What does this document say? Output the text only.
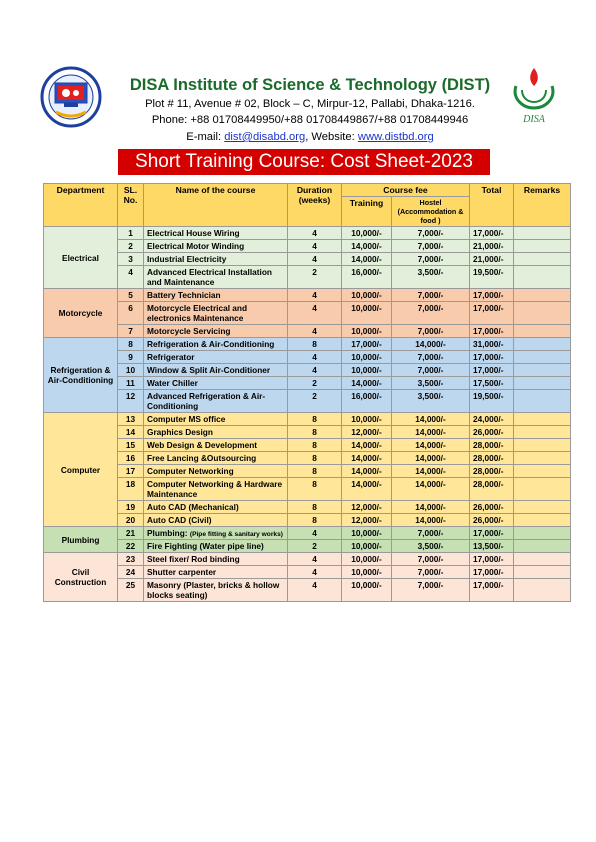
DISA Institute of Science & Technology (DIST)
Plot # 11, Avenue # 02, Block – C, Mirpur-12, Pallabi, Dhaka-1216.
Phone: +88 01708449950/+88 01708449867/+88 01708449946
E-mail: dist@disabd.org, Website: www.distbd.org
DISA
Short Training Course: Cost Sheet-2023
Department	SL. No.	Name of the course	Duration (weeks)	Course fee		Total	Remarks
				Training	Hostel (Accommodation & food )		
Electrical	1	Electrical House Wiring	4	10,000/-	7,000/-	17,000/-	
	2	Electrical Motor Winding	4	14,000/-	7,000/-	21,000/-	
	3	Industrial Electricity	4	14,000/-	7,000/-	21,000/-	
	4	Advanced Electrical Installation and Maintenance	2	16,000/-	3,500/-	19,500/-	
Motorcycle	5	Battery Technician	4	10,000/-	7,000/-	17,000/-	
	6	Motorcycle Electrical and electronics Maintenance	4	10,000/-	7,000/-	17,000/-	
	7	Motorcycle Servicing	4	10,000/-	7,000/-	17,000/-	
Refrigeration & Air-Conditioning	8	Refrigeration & Air-Conditioning	8	17,000/-	14,000/-	31,000/-	
	9	Refrigerator	4	10,000/-	7,000/-	17,000/-	
	10	Window & Split Air-Conditioner	4	10,000/-	7,000/-	17,000/-	
	11	Water Chiller	2	14,000/-	3,500/-	17,500/-	
	12	Advanced Refrigeration & Air-Conditioning	2	16,000/-	3,500/-	19,500/-	
Computer	13	Computer MS office	8	10,000/-	14,000/-	24,000/-	
	14	Graphics Design	8	12,000/-	14,000/-	26,000/-	
	15	Web Design & Development	8	14,000/-	14,000/-	28,000/-	
	16	Free Lancing &Outsourcing	8	14,000/-	14,000/-	28,000/-	
	17	Computer Networking	8	14,000/-	14,000/-	28,000/-	
	18	Computer Networking & Hardware Maintenance	8	14,000/-	14,000/-	28,000/-	
	19	Auto CAD (Mechanical)	8	12,000/-	14,000/-	26,000/-	
	20	Auto CAD (Civil)	8	12,000/-	14,000/-	26,000/-	
Plumbing	21	Plumbing: (Pipe fitting & sanitary works)	4	10,000/-	7,000/-	17,000/-	
	22	Fire Fighting (Water pipe line)	2	10,000/-	3,500/-	13,500/-	
Civil Construction	23	Steel fixer/ Rod binding	4	10,000/-	7,000/-	17,000/-	
	24	Shutter carpenter	4	10,000/-	7,000/-	17,000/-	
	25	Masonry (Plaster, bricks & hollow blocks seating)	4	10,000/-	7,000/-	17,000/-	
